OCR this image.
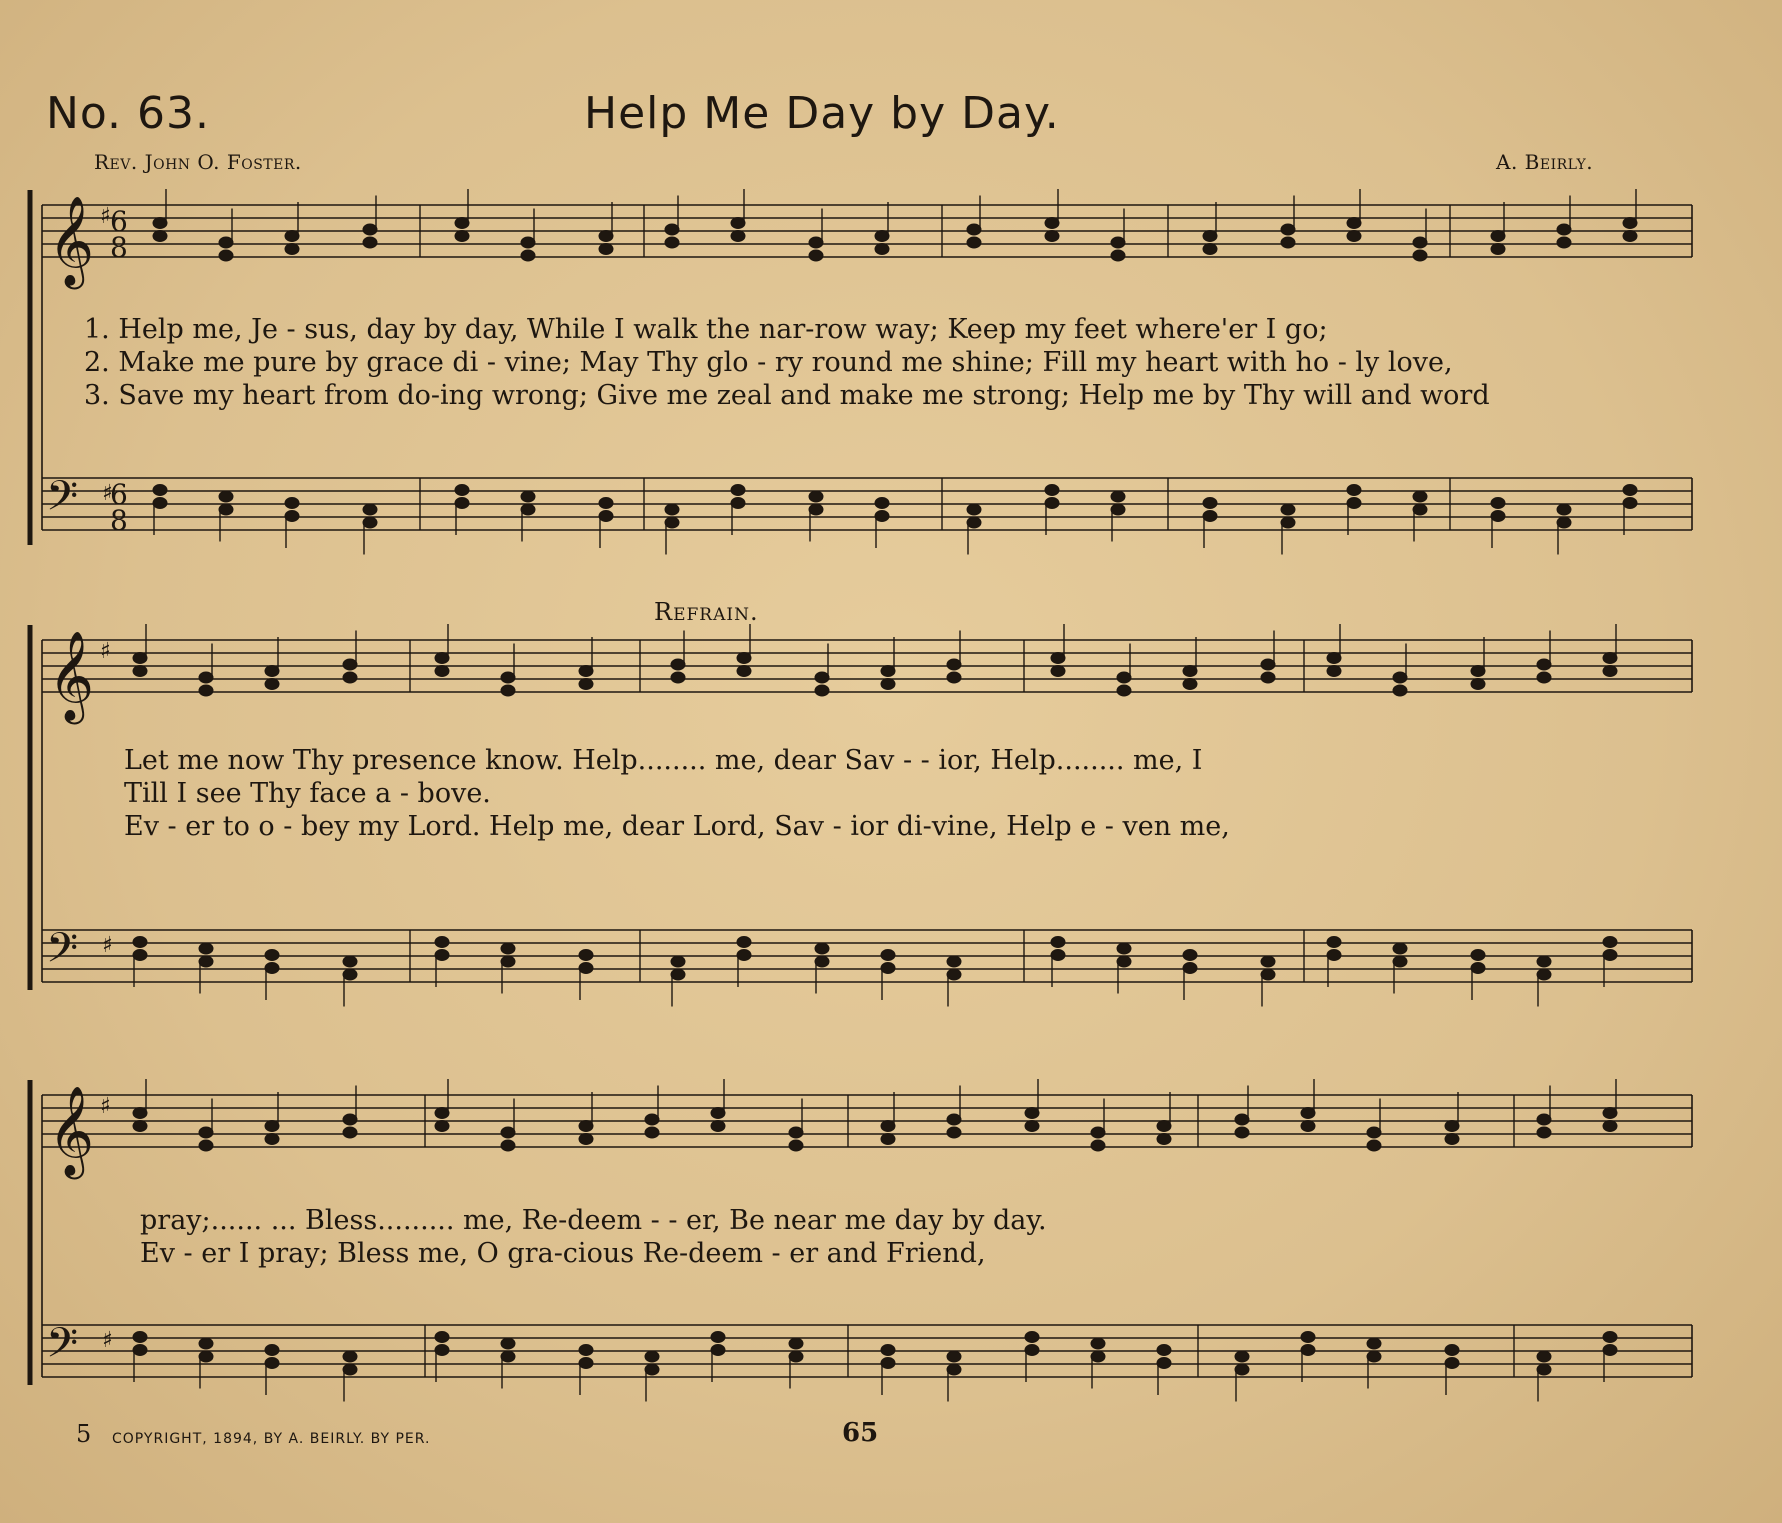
No. 63.	Help Me Day by Day.
Rev. John O. Foster.	A. Beirly.
𝄞
𝄢
♯
♯
6
8
6
8
𝄞
𝄢
♯
♯
𝄞
𝄢
♯
♯
Refrain.
1. Help me, Je - sus, day by day, While I walk the nar-row way; Keep my feet where'er I go;
2. Make me pure by grace di - vine; May Thy glo - ry round me shine; Fill my heart with ho - ly love,
3. Save my heart from do-ing wrong; Give me zeal and make me strong; Help me by Thy will and word
Let me now Thy presence know. Help........ me, dear Sav - - ior, Help........ me, I
Till I see Thy face a - bove.
Ev - er to o - bey my Lord. Help me, dear Lord, Sav - ior di-vine, Help e - ven me,
pray;...... ... Bless......... me, Re-deem - - er, Be near me day by day.
Ev - er I pray; Bless me, O gra-cious Re-deem - er and Friend,
5 COPYRIGHT, 1894, BY A. BEIRLY. BY PER.	65
